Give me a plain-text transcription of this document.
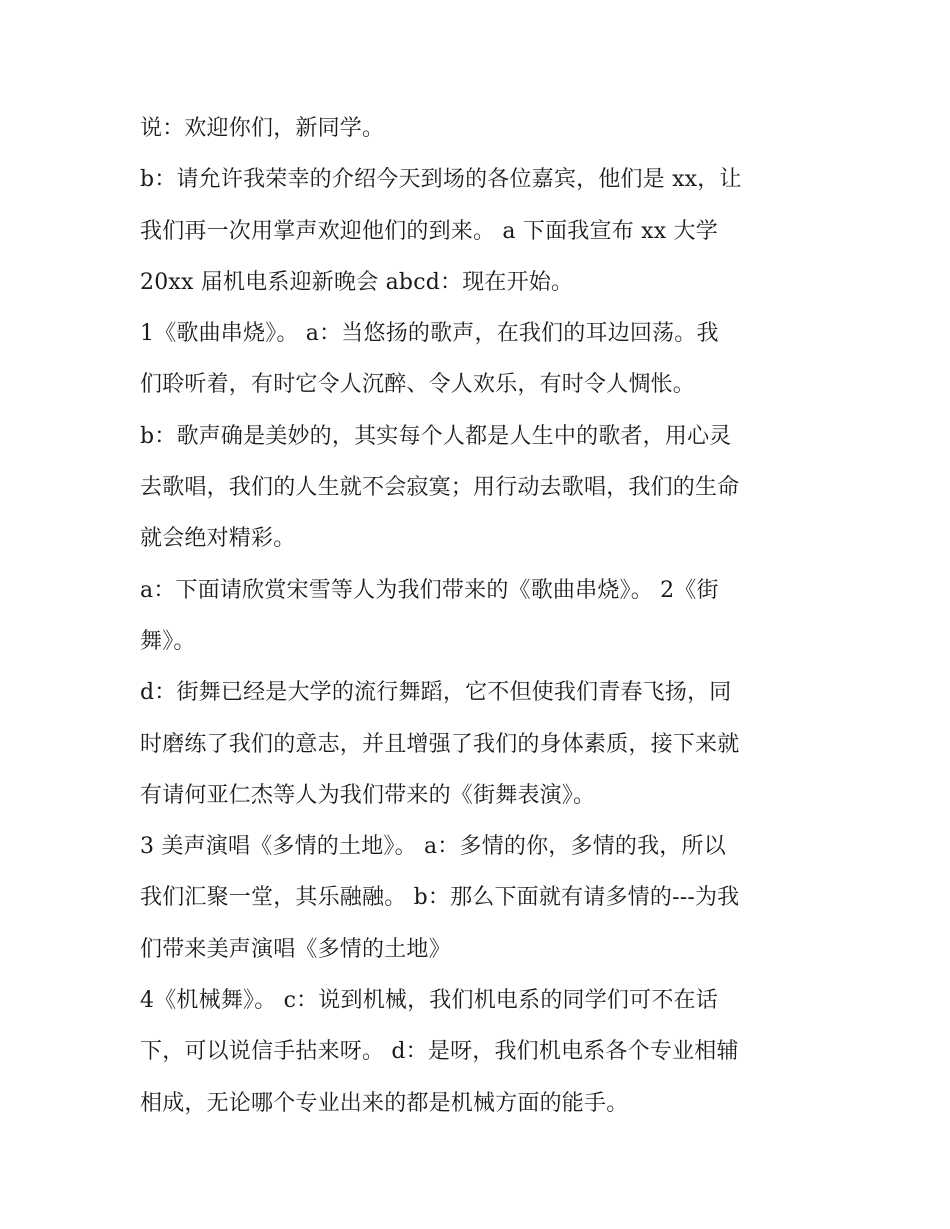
说：欢迎你们，新同学。
b：请允许我荣幸的介绍今天到场的各位嘉宾，他们是 xx，让
我们再一次用掌声欢迎他们的到来。 a 下面我宣布 xx 大学
20xx 届机电系迎新晚会 abcd：现在开始。
1《歌曲串烧》。 a：当悠扬的歌声，在我们的耳边回荡。我
们聆听着，有时它令人沉醉、令人欢乐，有时令人惆怅。
b：歌声确是美妙的，其实每个人都是人生中的歌者，用心灵
去歌唱，我们的人生就不会寂寞；用行动去歌唱，我们的生命
就会绝对精彩。
a：下面请欣赏宋雪等人为我们带来的《歌曲串烧》。 2《街
舞》。
d：街舞已经是大学的流行舞蹈，它不但使我们青春飞扬，同
时磨练了我们的意志，并且增强了我们的身体素质，接下来就
有请何亚仁杰等人为我们带来的《街舞表演》。
3 美声演唱《多情的土地》。 a：多情的你，多情的我，所以
我们汇聚一堂，其乐融融。 b：那么下面就有请多情的---为我
们带来美声演唱《多情的土地》
4《机械舞》。 c：说到机械，我们机电系的同学们可不在话
下，可以说信手拈来呀。 d：是呀，我们机电系各个专业相辅
相成，无论哪个专业出来的都是机械方面的能手。
